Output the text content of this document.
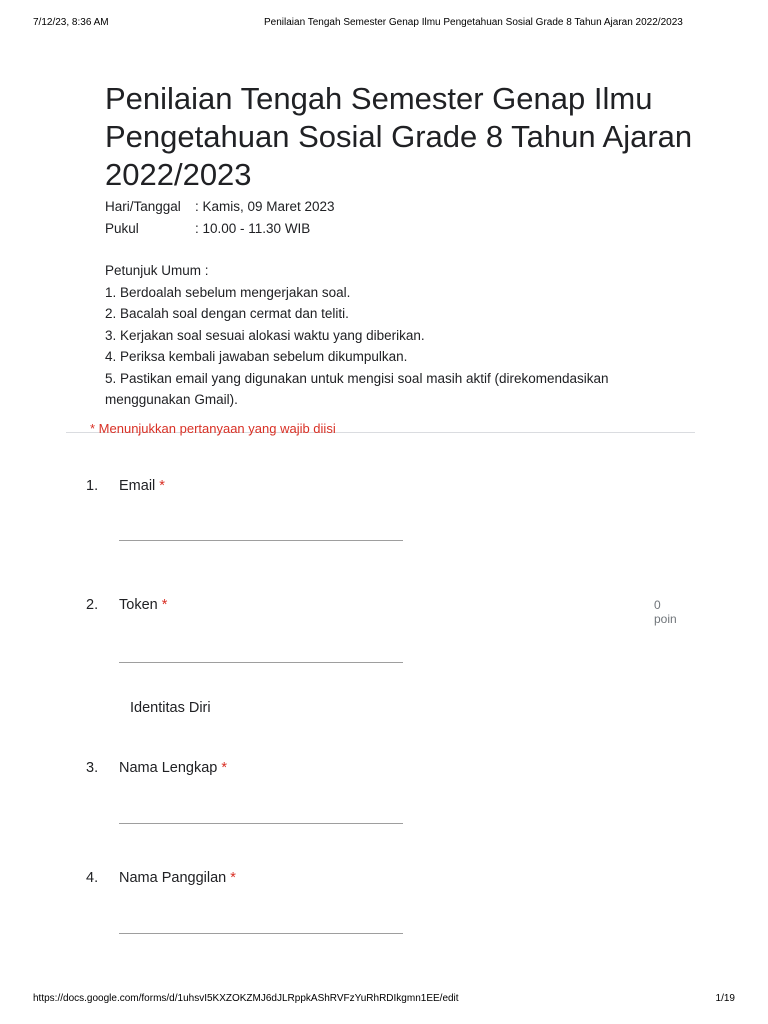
7/12/23, 8:36 AM	Penilaian Tengah Semester Genap Ilmu Pengetahuan Sosial Grade 8 Tahun Ajaran 2022/2023
Penilaian Tengah Semester Genap Ilmu Pengetahuan Sosial Grade 8 Tahun Ajaran 2022/2023
Hari/Tanggal	: Kamis, 09 Maret 2023
Pukul	: 10.00 - 11.30 WIB

Petunjuk Umum :

1. Berdoalah sebelum mengerjakan soal.

2. Bacalah soal dengan cermat dan teliti.

3. Kerjakan soal sesuai alokasi waktu yang diberikan.

4. Periksa kembali jawaban sebelum dikumpulkan.

5. Pastikan email yang digunakan untuk mengisi soal masih aktif (direkomendasikan menggunakan Gmail).

* Menunjukkan pertanyaan yang wajib diisi
1. Email *
2. Token *	0 poin
Identitas Diri
3. Nama Lengkap *
4. Nama Panggilan *
https://docs.google.com/forms/d/1uhsvI5KXZOKZMJ6dJLRppkAShRVFzYuRhRDIkgmn1EE/edit	1/19
